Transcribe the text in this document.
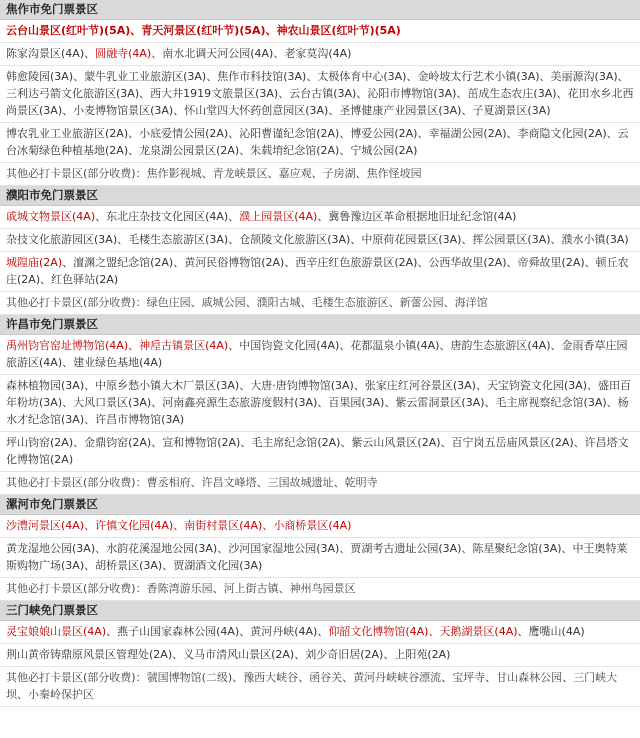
焦作市免门票景区
云台山景区(红叶节)(5A)、青天河景区(红叶节)(5A)、神农山景区(红叶节)(5A)
陈家沟景区(4A)、圆融寺(4A)、南水北调天河公园(4A)、老家莫沟(4A)
韩愈陵园(3A)、蒙牛乳业工业旅游区(3A)、焦作市科技馆(3A)、太极体育中心(3A)、金岭坡太行艺术小镇(3A)、美丽源沟(3A)、三利达弓箭文化旅游区(3A)、西大井1919文旅景区(3A)、云台古镇(3A)、沁阳市博物馆(3A)、茁成生态农庄(3A)、花田水乡北西尚景区(3A)、小麦博物馆景区(3A)、怀山堂四大怀药创意园区(3A)、圣博健康产业园景区(3A)、子夏湖景区(3A)
博农乳业工业旅游区(2A)、小底爱情公园(2A)、沁阳曹谨纪念馆(2A)、博爱公园(2A)、幸福湖公园(2A)、李商隐文化园(2A)、云台冰菊绿色种植基地(2A)、龙泉湖公园景区(2A)、朱载堉纪念馆(2A)、宁城公园(2A)
其他必打卡景区(部分收费)：焦作影视城、青龙峡景区、嘉应观、子房湖、焦作怪坡园
濮阳市免门票景区
戚城文物景区(4A)、东北庄杂技文化园区(4A)、濮上园景区(4A)、冀鲁豫边区革命根据地旧址纪念馆(4A)
杂技文化旅游园区(3A)、毛楼生态旅游区(3A)、仓颉陵文化旅游区(3A)、中原荷花园景区(3A)、挥公园景区(3A)、濮水小镇(3A)
城隍庙(2A)、澶渊之盟纪念馆(2A)、黄河民俗博物馆(2A)、西辛庄红色旅游景区(2A)、公西华故里(2A)、帝舜故里(2A)、顿丘农庄(2A)、红色驿站(2A)
其他必打卡景区(部分收费)：绿色庄园、戚城公园、濮阳古城、毛楼生态旅游区、新蕾公园、海洋馆
许昌市免门票景区
禹州钧官窑址博物馆(4A)、神垕古镇景区(4A)、中国钧瓷文化园(4A)、花都温泉小镇(4A)、唐韵生态旅游区(4A)、金雨香草庄园旅游区(4A)、建业绿色基地(4A)
森林植物园(3A)、中原乡愁小镇大木厂景区(3A)、大唐·唐钧博物馆(3A)、张家庄红河谷景区(3A)、天宝钧瓷文化园(3A)、盛田百年粉坊(3A)、大风口景区(3A)、河南鑫亮源生态旅游度假村(3A)、百果园(3A)、紫云雷洞景区(3A)、毛主席视察纪念馆(3A)、杨水才纪念馆(3A)、许昌市博物馆(3A)
坪山钧窑(2A)、金鼎钧窑(2A)、宣和博物馆(2A)、毛主席纪念馆(2A)、紫云山风景区(2A)、百宁岗五岳庙风景区(2A)、许昌塔文化博物馆(2A)
其他必打卡景区(部分收费)：曹丞相府、许昌文峰塔、三国故城遗址、乾明寺
漯河市免门票景区
沙澧河景区(4A)、许慎文化园(4A)、南街村景区(4A)、小商桥景区(4A)
黄龙湿地公园(3A)、水韵花溪湿地公园(3A)、沙河国家湿地公园(3A)、贾湖考古遗址公园(3A)、陈星聚纪念馆(3A)、中王奥特莱斯购物广场(3A)、胡桥景区(3A)、贾湖酒文化园(3A)
其他必打卡景区(部分收费)：香陈湾游乐园、河上街古镇、神州鸟园景区
三门峡免门票景区
灵宝娘娘山景区(4A)、燕子山国家森林公园(4A)、黄河丹峡(4A)、仰韶文化博物馆(4A)、天鹅湖景区(4A)、鹰嘴山(4A)
荆山黄帝铸鼎原风景区管理处(2A)、义马市清风山景区(2A)、刘少奇旧居(2A)、上阳苑(2A)
其他必打卡景区(部分收费)：虢国博物馆(二级)、豫西大峡谷、函谷关、黄河丹峡峡谷漂流、宝坪寺、甘山森林公园、三门峡大坝、小秦岭保护区
